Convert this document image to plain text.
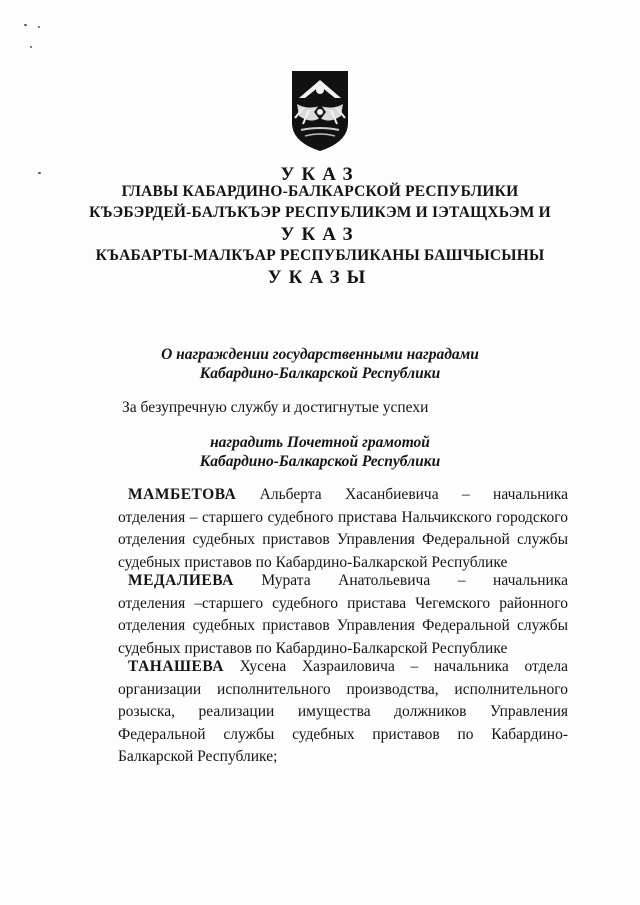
УКАЗ
ГЛАВЫ КАБАРДИНО-БАЛКАРСКОЙ РЕСПУБЛИКИ
КЪЭБЭРДЕЙ-БАЛЪКЪЭР РЕСПУБЛИКЭМ И ІЭТАЩХЬЭМ И
УКАЗ
КЪАБАРТЫ-МАЛКЪАР РЕСПУБЛИКАНЫ БАШЧЫСЫНЫ
УКАЗЫ
О награждении государственными наградами
Кабардино-Балкарской Республики
За безупречную службу и достигнутые успехи
наградить Почетной грамотой
Кабардино-Балкарской Республики
МАМБЕТОВА Альберта Хасанбиевича – начальника
отделения – старшего судебного пристава Нальчикского городского отделения судебных приставов Управления Федеральной службы судебных приставов по Кабардино-Балкарской Республике
МЕДАЛИЕВА Мурата Анатольевича – начальника
отделения –старшего судебного пристава Чегемского районного отделения судебных приставов Управления Федеральной службы судебных приставов по Кабардино-Балкарской Республике
ТАНАШЕВА Хусена Хазраиловича – начальника отдела
организации исполнительного производства, исполнительного розыска, реализации имущества должников Управления Федеральной службы судебных приставов по Кабардино-Балкарской Республике;
